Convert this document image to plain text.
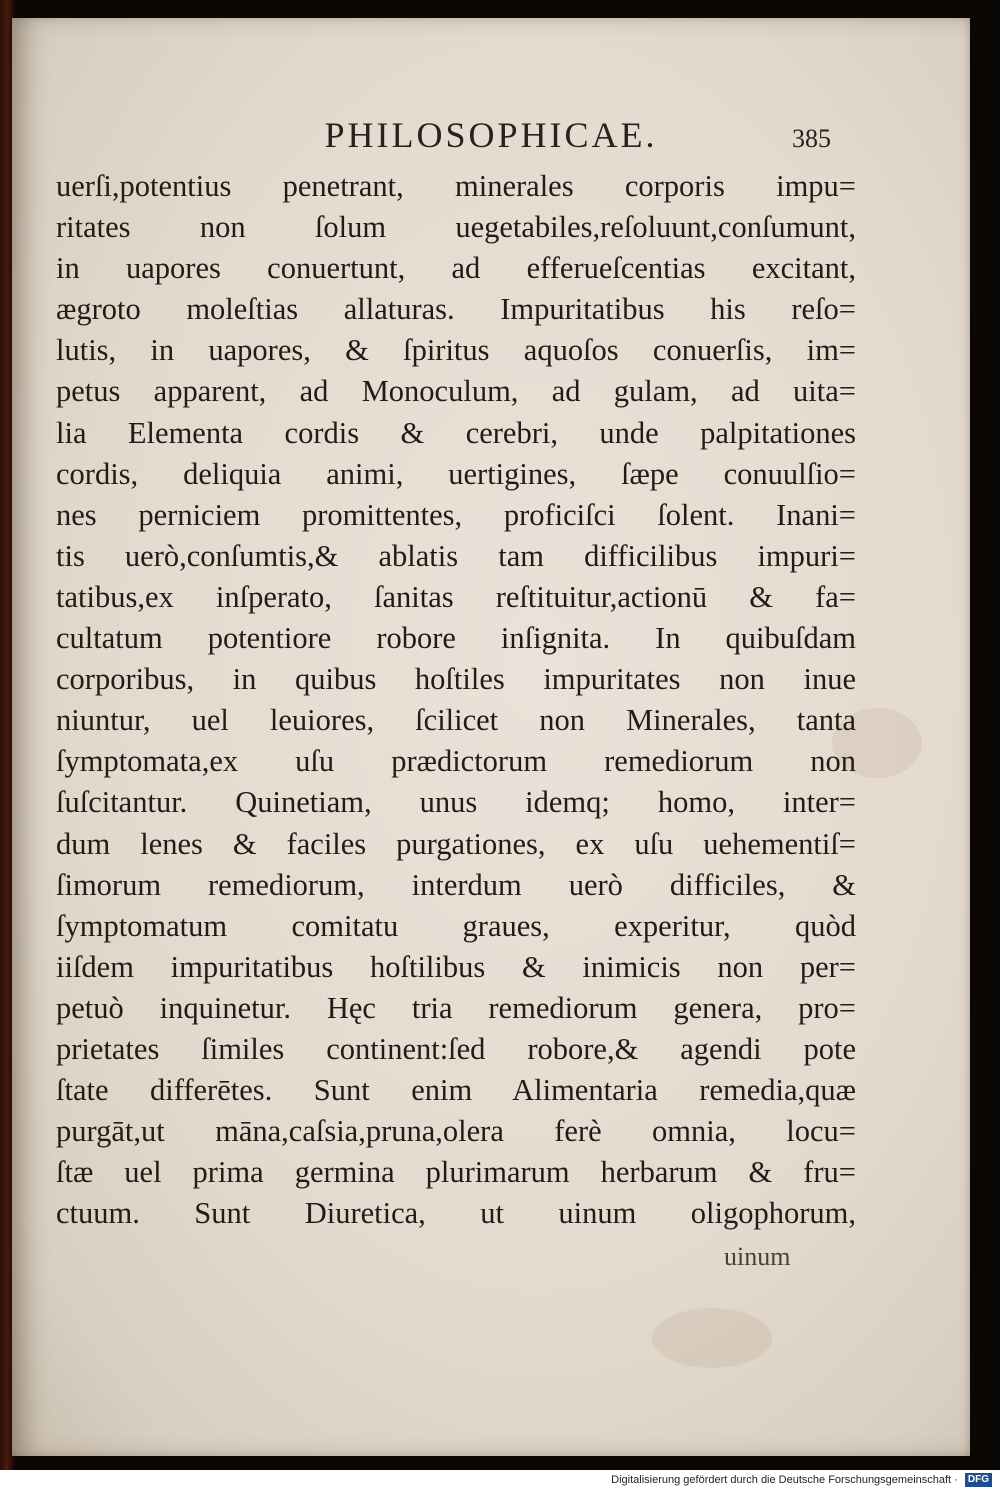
PHILOSOPHICAE.	385
uerſi,potentius penetrant, minerales corporis impu=
ritates non ſolum uegetabiles,reſoluunt,conſumunt,
in uapores conuertunt, ad efferueſcentias excitant,
ægroto moleſtias allaturas. Impuritatibus his reſo=
lutis, in uapores, & ſpiritus aquoſos conuerſis, im=
petus apparent, ad Monoculum, ad gulam, ad uita=
lia Elementa cordis & cerebri, unde palpitationes
cordis, deliquia animi, uertigines, ſæpe conuulſio=
nes perniciem promittentes, proficiſci ſolent. Inani=
tis uerò,conſumtis,& ablatis tam difficilibus impuri=
tatibus,ex inſperato, ſanitas reſtituitur,actionū & fa=
cultatum potentiore robore inſignita. In quibuſdam
corporibus, in quibus hoſtiles impuritates non inue
niuntur, uel leuiores, ſcilicet non Minerales, tanta
ſymptomata,ex uſu prædictorum remediorum non
ſuſcitantur. Quinetiam, unus idemq; homo, inter=
dum lenes & faciles purgationes, ex uſu uehementiſ=
ſimorum remediorum, interdum uerò difficiles, &
ſymptomatum comitatu graues, experitur, quòd
iiſdem impuritatibus hoſtilibus & inimicis non per=
petuò inquinetur. Hęc tria remediorum genera, pro=
prietates ſimiles continent:ſed robore,& agendi pote
ſtate differētes. Sunt enim Alimentaria remedia,quæ
purgāt,ut māna,caſsia,pruna,olera ferè omnia, locu=
ſtæ uel prima germina plurimarum herbarum & fru=
ctuum. Sunt Diuretica, ut uinum oligophorum,
uinum
Digitalisierung gefördert durch die Deutsche Forschungsgemeinschaft · DFG
